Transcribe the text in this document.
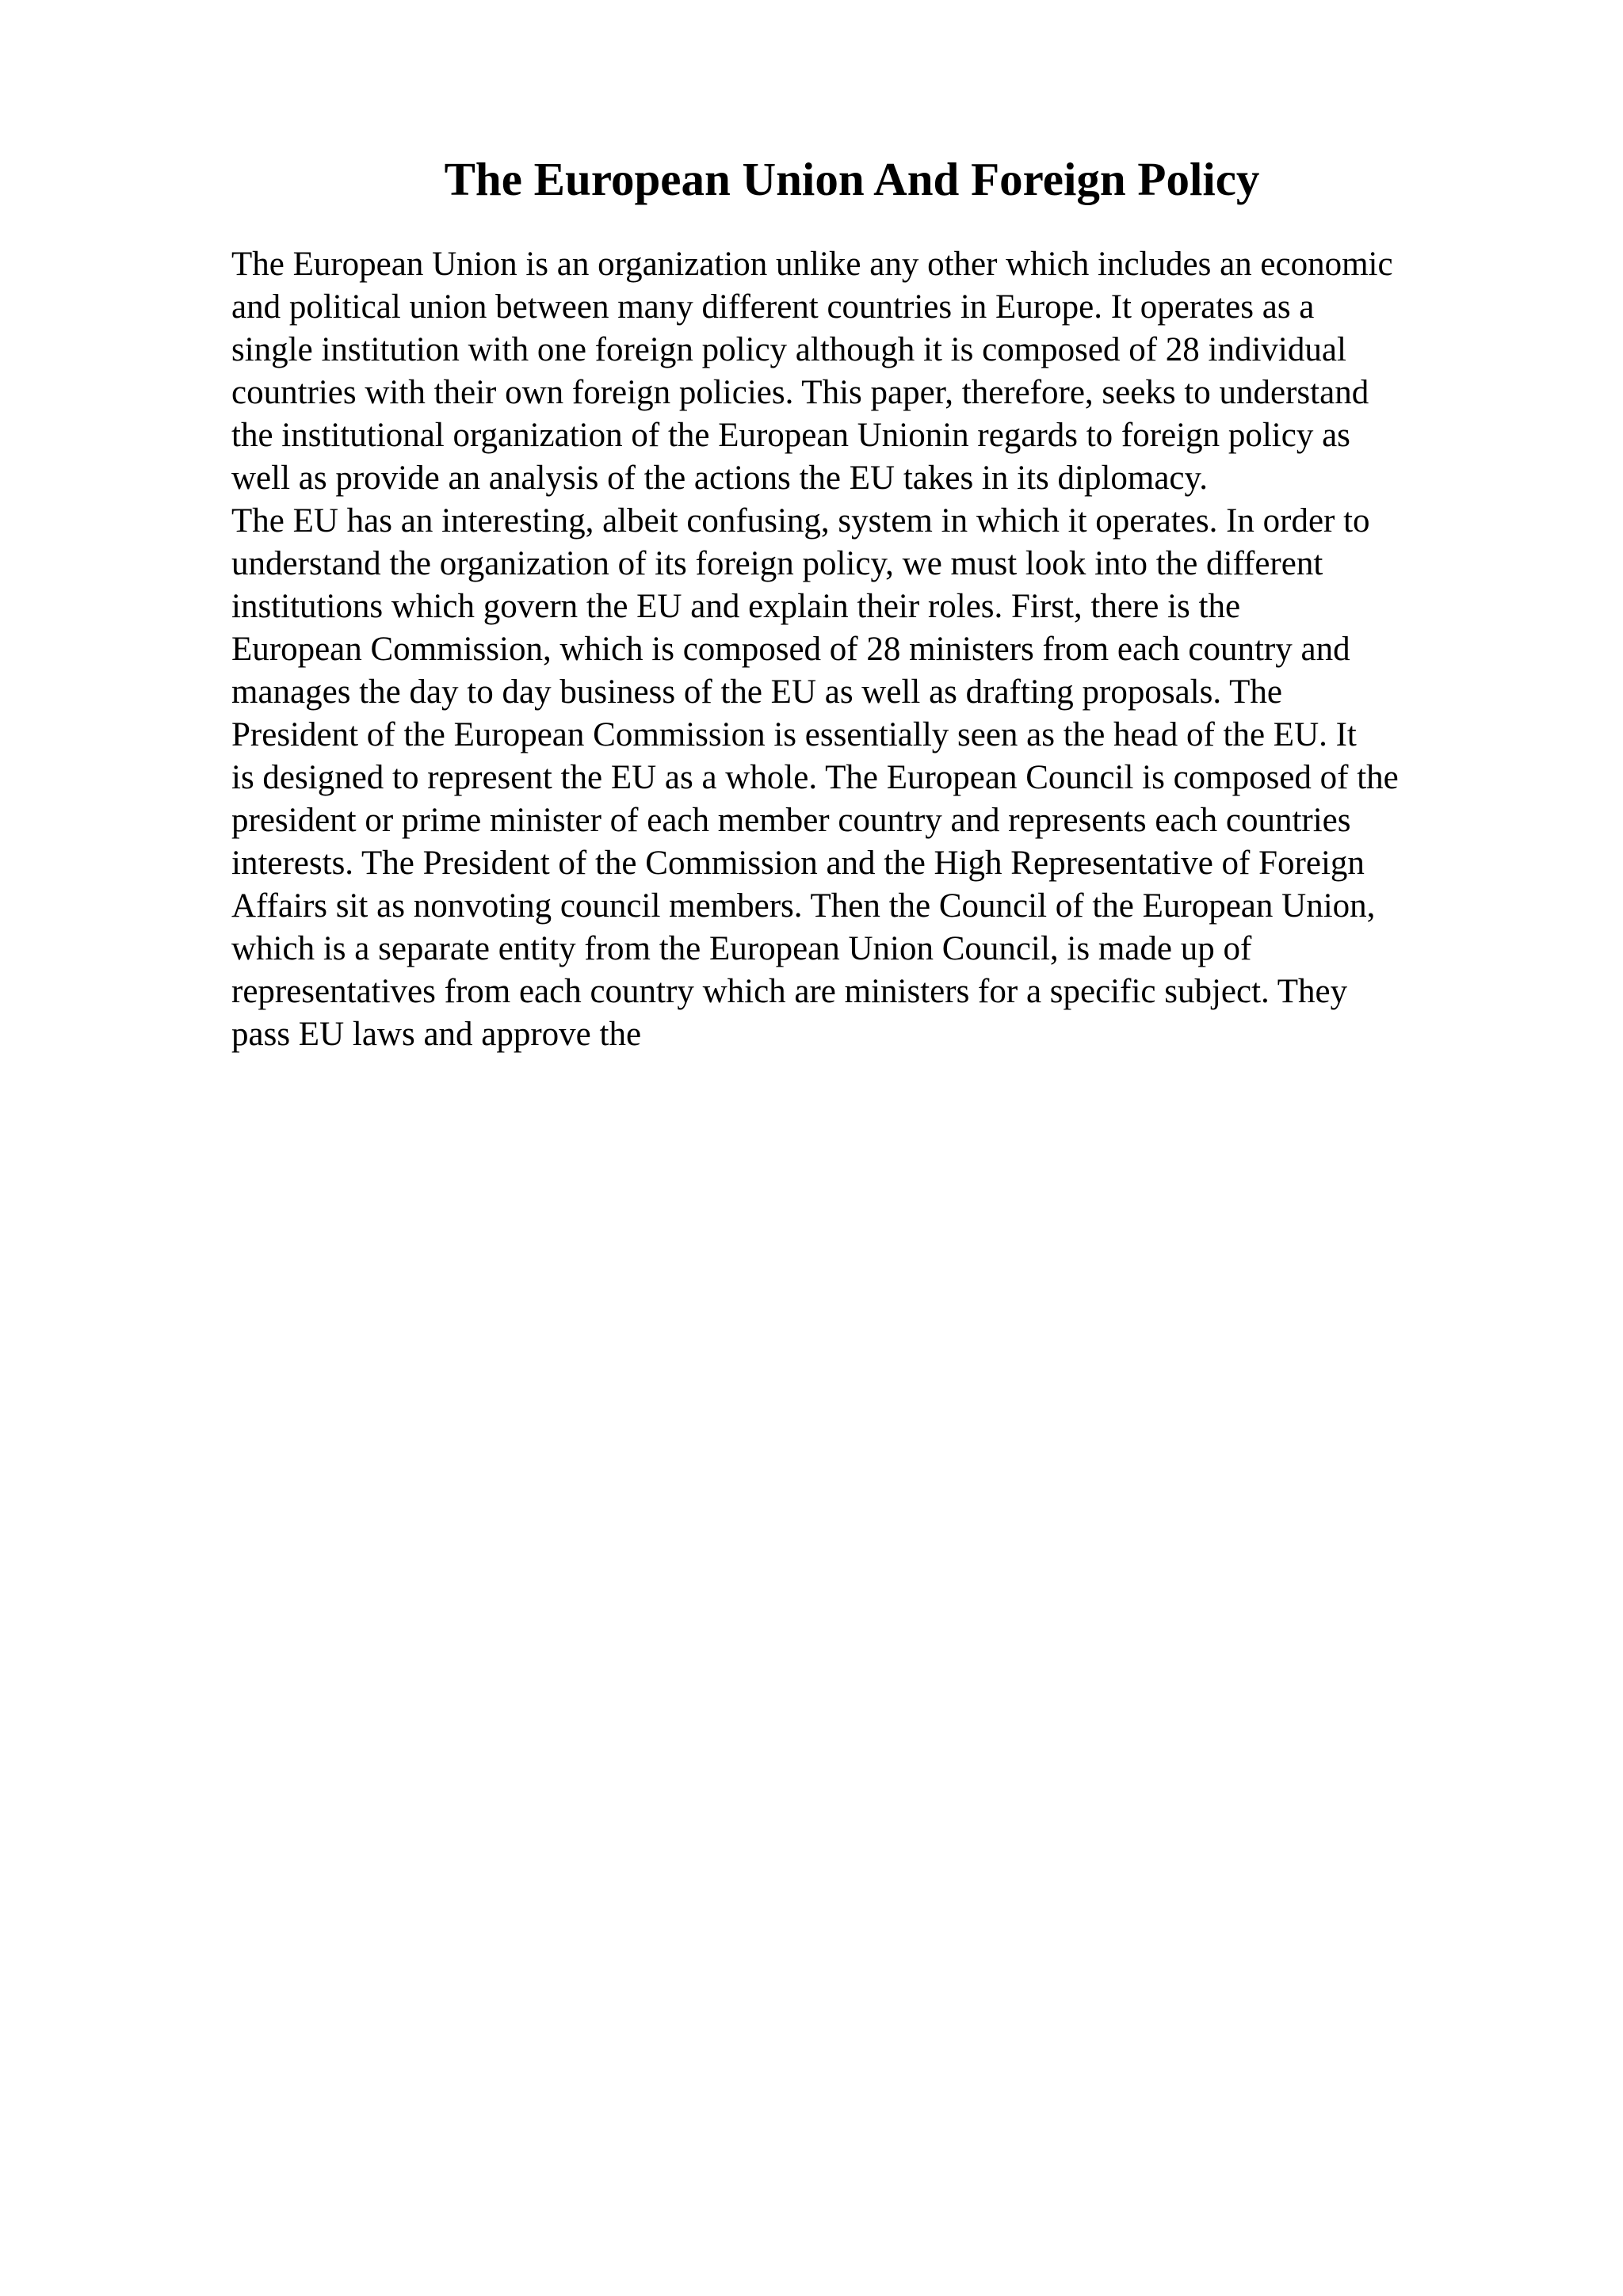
The European Union And Foreign Policy
The European Union is an organization unlike any other which includes an economic
and political union between many different countries in Europe. It operates as a
single institution with one foreign policy although it is composed of 28 individual
countries with their own foreign policies. This paper, therefore, seeks to understand
the institutional organization of the European Unionin regards to foreign policy as
well as provide an analysis of the actions the EU takes in its diplomacy.
The EU has an interesting, albeit confusing, system in which it operates. In order to
understand the organization of its foreign policy, we must look into the different
institutions which govern the EU and explain their roles. First, there is the
European Commission, which is composed of 28 ministers from each country and
manages the day to day business of the EU as well as drafting proposals. The
President of the European Commission is essentially seen as the head of the EU. It
is designed to represent the EU as a whole. The European Council is composed of the
president or prime minister of each member country and represents each countries
interests. The President of the Commission and the High Representative of Foreign
Affairs sit as nonvoting council members. Then the Council of the European Union,
which is a separate entity from the European Union Council, is made up of
representatives from each country which are ministers for a specific subject. They
pass EU laws and approve the
